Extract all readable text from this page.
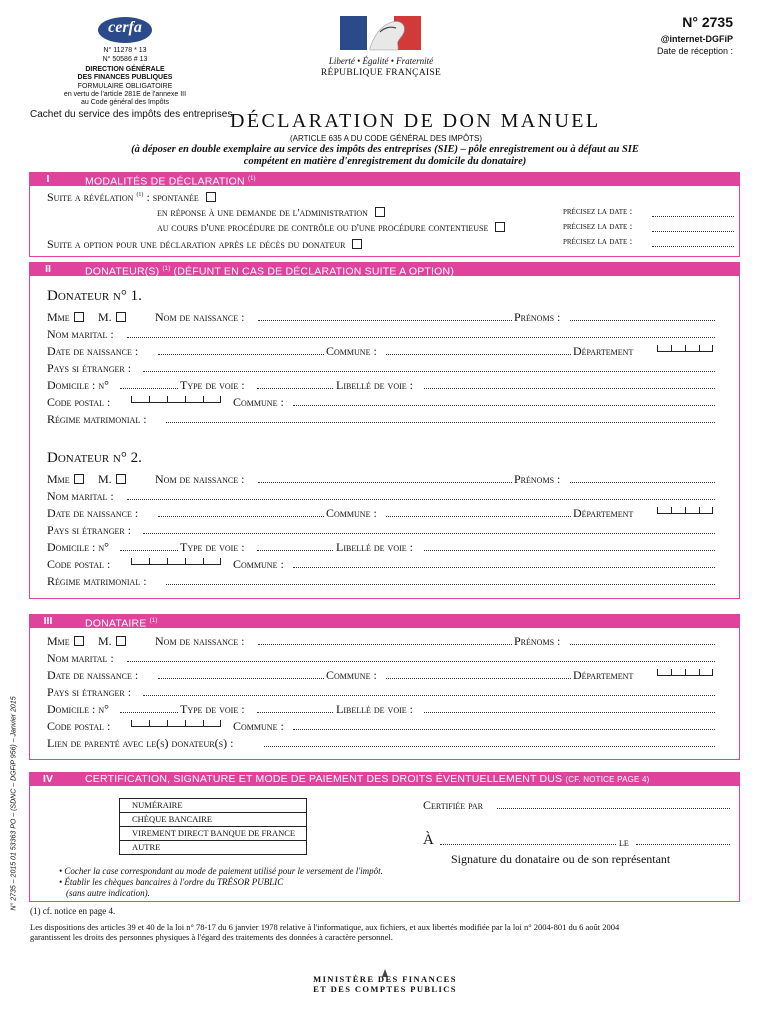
cerfa
N° 11278 * 13
N° 50586 # 13
DIRECTION GÉNÉRALE
DES FINANCES PUBLIQUES
FORMULAIRE OBLIGATOIRE
en vertu de l'article 281E de l'annexe III
au Code général des Impôts
Cachet du service des impôts des entreprises
Liberté • Égalité • Fraternité
RÉPUBLIQUE FRANÇAISE
N° 2735
@internet-DGFiP
Date de réception :
DÉCLARATION DE DON MANUEL
(ARTICLE 635 A DU CODE GÉNÉRAL DES IMPÔTS)
(à déposer en double exemplaire au service des impôts des entreprises (SIE) – pôle enregistrement ou à défaut au SIE
compétent en matière d'enregistrement du domicile du donataire)
I	MODALITÉS DE DÉCLARATION $^{(1)}$
Suite a révélation $^{(1)}$ : spontanée
en réponse à une demande de l'administration
au cours d'une procédure de contrôle ou d'une procédure contentieuse
Suite a option pour une déclaration après le décès du donateur
précisez la date :
précisez la date :
précisez la date :
II	DONATEUR(S) $^{(1)}$ (DÉFUNT EN CAS DE DÉCLARATION SUITE A OPTION)
Donateur n° 1.
Mme	M.	Nom de naissance :	Prénoms :
Nom marital :
Date de naissance :	Commune :	Département
Pays si étranger :
Domicile : n°	Type de voie :	Libellé de voie :
Code postal :	Commune :
Régime matrimonial :
Donateur n° 2.
Mme	M.	Nom de naissance :	Prénoms :
Nom marital :
Date de naissance :	Commune :	Département
Pays si étranger :
Domicile : n°	Type de voie :	Libellé de voie :
Code postal :	Commune :
Régime matrimonial :
III	DONATAIRE $^{(1)}$
Mme	M.	Nom de naissance :	Prénoms :
Nom marital :
Date de naissance :	Commune :	Département
Pays si étranger :
Domicile : n°	Type de voie :	Libellé de voie :
Code postal :	Commune :
Lien de parenté avec le(s) donateur(s) :
IV	CERTIFICATION, SIGNATURE ET MODE DE PAIEMENT DES DROITS ÉVENTUELLEMENT DUS (CF. NOTICE PAGE 4)
NUMÉRAIRE
CHÈQUE BANCAIRE
VIREMENT DIRECT BANQUE DE FRANCE
AUTRE
Certifiée par
À	le
Signature du donataire ou de son représentant
• Cocher la case correspondant au mode de paiement utilisé pour le versement de l'impôt.
• Établir les chèques bancaires à l'ordre du TRÉSOR PUBLIC
(sans autre indication).
(1) cf. notice en page 4.
Les dispositions des articles 39 et 40 de la loi n° 78-17 du 6 janvier 1978 relative à l'informatique, aux fichiers, et aux libertés modifiée par la loi n° 2004-801 du 6 août 2004
garantissent les droits des personnes physiques à l'égard des traitements des données à caractère personnel.
MINISTÈRE DES FINANCES
ET DES COMPTES PUBLICS
N° 2735 – 2015 01 53363 PO – (SDNC – DGFiP 956) – Janvier 2015
